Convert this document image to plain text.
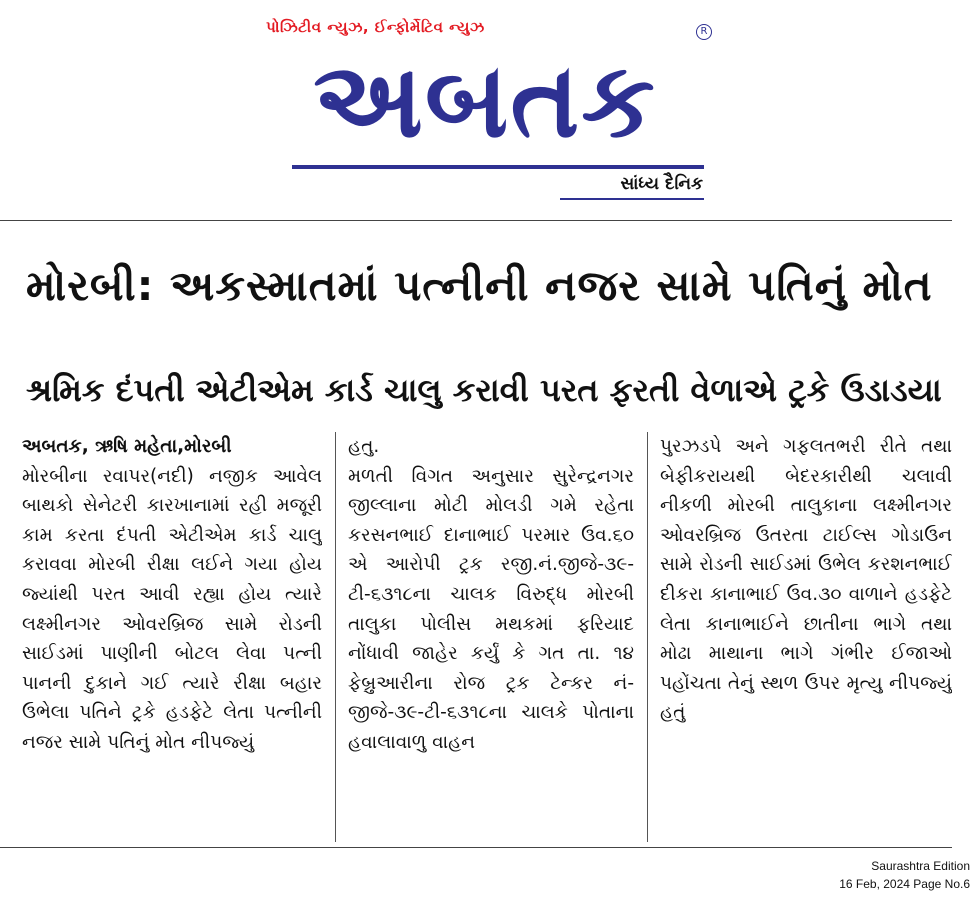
પોઝિટીવ ન્યુઝ, ઈન્ફોર્મેટિવ ન્યુઝ	R
અબતક
સાંધ્ય દૈનિક
મોરબી: અકસ્માતમાં પત્નીની નજર સામે પતિનું મોત
શ્રમિક દંપતી એટીએમ કાર્ડ ચાલુ કરાવી પરત ફરતી વેળાએ ટ્રકે ઉડાડયા
અબતક, ઋષિ મહેતા,મોરબી

મોરબીના રવાપર(નદી) નજીક આવેલ બાથકો સેનેટરી કારખાનામાં રહી મજૂરી કામ કરતા દંપતી એટીએમ કાર્ડ ચાલુ કરાવવા મોરબી રીક્ષા લઈને ગયા હોય જ્યાંથી પરત આવી રહ્યા હોય ત્યારે લક્ષ્મીનગર ઓવરબ્રિજ સામે રોડની સાઈડમાં પાણીની બોટલ લેવા પત્ની પાનની દુકાને ગઈ ત્યારે રીક્ષા બહાર ઉભેલા પતિને ટ્રકે હડફેટે લેતા પત્નીની નજર સામે પતિનું મોત નીપજ્યું

હતુ.

મળતી વિગત અનુસાર સુરેન્દ્રનગર જીલ્લાના મોટી મોલડી ગમે રહેતા કરસનભાઈ દાનાભાઈ પરમાર ઉવ.૬૦ એ આરોપી ટ્રક રજી.નં.જીજે-૩૯-ટી-૬૩૧૮ના ચાલક વિરુદ્ધ મોરબી તાલુકા પોલીસ મથકમાં ફરિયાદ નોંધાવી જાહેર કર્યું કે ગત તા. ૧૪ ફેબ્રુઆરીના રોજ ટ્રક ટેન્કર નં-જીજે-૩૯-ટી-૬૩૧૮ના ચાલકે પોતાના હવાલાવાળુ વાહન

પુરઝડપે અને ગફલતભરી રીતે તથા બેફીકરાયથી બેદરકારીથી ચલાવી નીકળી મોરબી તાલુકાના લક્ષ્મીનગર ઓવરબ્રિજ ઉતરતા ટાઈલ્સ ગોડાઉન સામે રોડની સાઈડમાં ઉભેલ કરશનભાઈ દીકરા કાનાભાઈ ઉવ.૩૦ વાળાને હડફેટે લેતા કાનાભાઈને છાતીના ભાગે તથા મોઢા માથાના ભાગે ગંભીર ઈજાઓ પહોંચતા તેનું સ્થળ ઉપર મૃત્યુ નીપજ્યું હતું

Saurashtra Edition
16 Feb, 2024 Page No.6
